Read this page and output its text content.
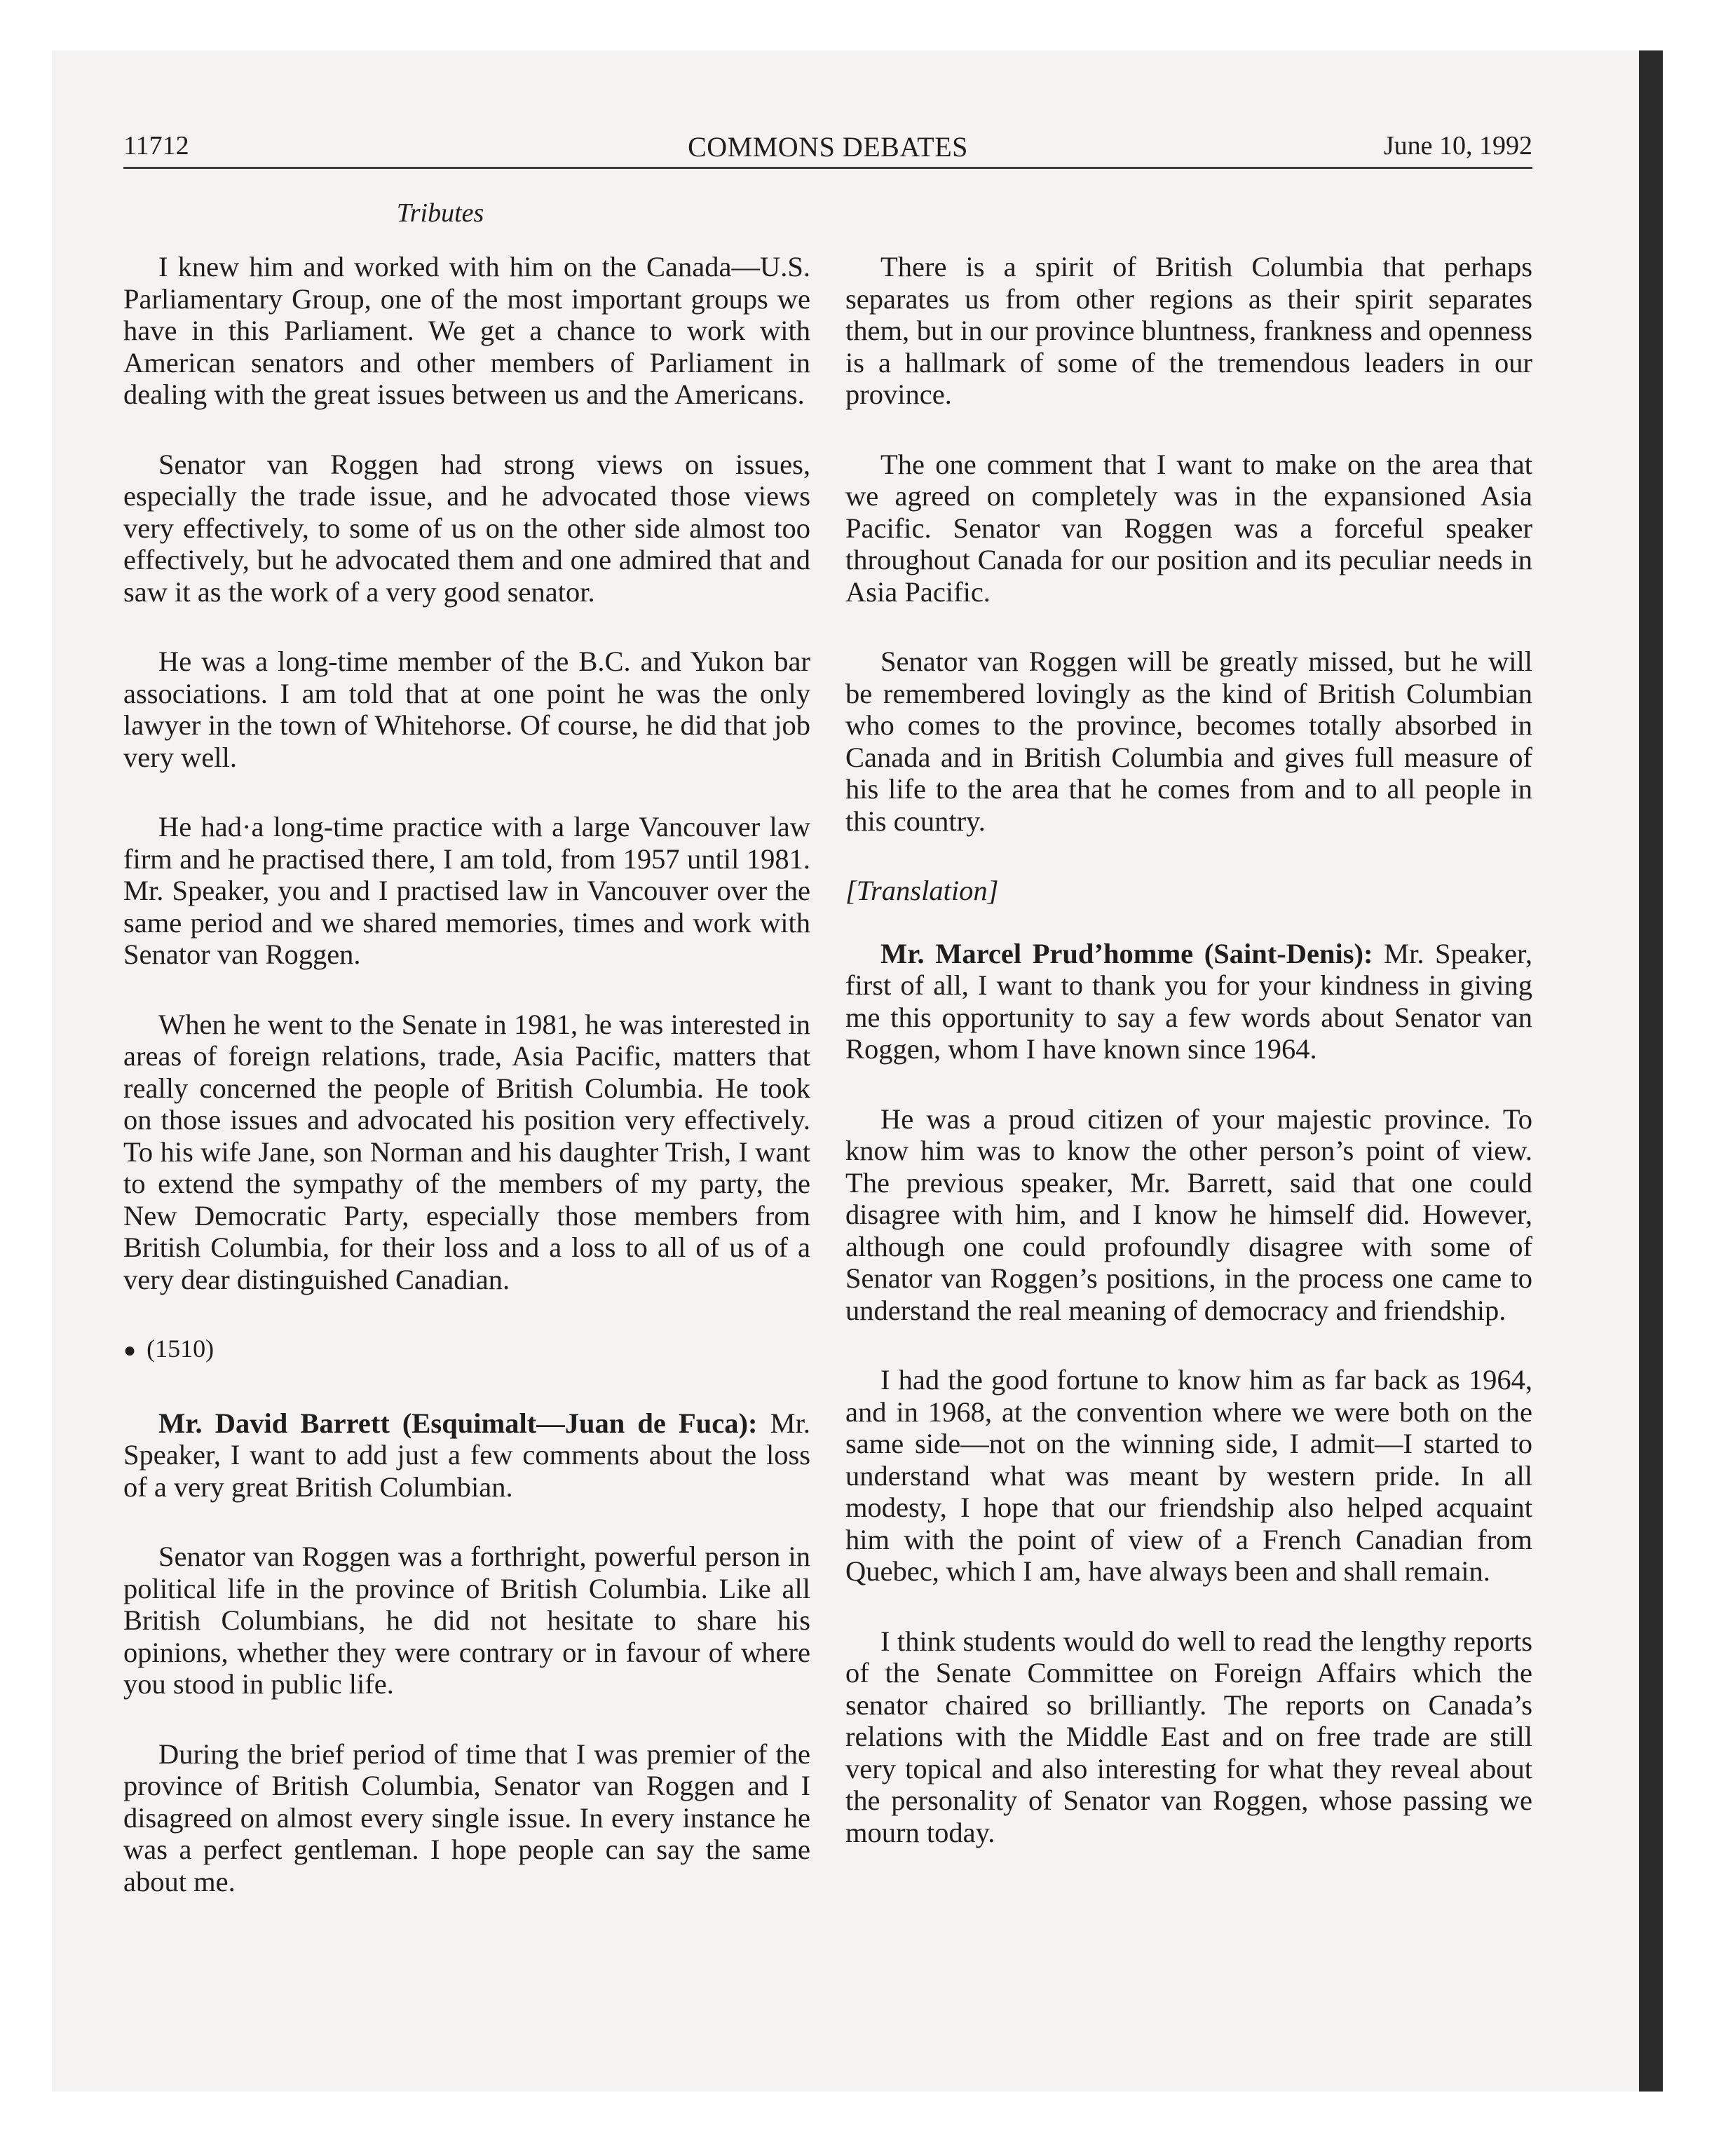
11712	COMMONS DEBATES	June 10, 1992
Tributes

I knew him and worked with him on the Canada—U.S. Parliamentary Group, one of the most important groups we have in this Parliament. We get a chance to work with American senators and other members of Parliament in dealing with the great issues between us and the Americans.

Senator van Roggen had strong views on issues, especially the trade issue, and he advocated those views very effectively, to some of us on the other side almost too effectively, but he advocated them and one admired that and saw it as the work of a very good senator.

He was a long-time member of the B.C. and Yukon bar associations. I am told that at one point he was the only lawyer in the town of Whitehorse. Of course, he did that job very well.

He had·a long-time practice with a large Vancouver law firm and he practised there, I am told, from 1957 until 1981. Mr. Speaker, you and I practised law in Vancouver over the same period and we shared memories, times and work with Senator van Roggen.

When he went to the Senate in 1981, he was interested in areas of foreign relations, trade, Asia Pacific, matters that really concerned the people of British Columbia. He took on those issues and advocated his position very effectively. To his wife Jane, son Norman and his daughter Trish, I want to extend the sympathy of the members of my party, the New Democratic Party, especially those members from British Columbia, for their loss and a loss to all of us of a very dear distinguished Canadian.

● (1510)

Mr. David Barrett (Esquimalt—Juan de Fuca): Mr. Speaker, I want to add just a few comments about the loss of a very great British Columbian.

Senator van Roggen was a forthright, powerful person in political life in the province of British Columbia. Like all British Columbians, he did not hesitate to share his opinions, whether they were contrary or in favour of where you stood in public life.

During the brief period of time that I was premier of the province of British Columbia, Senator van Roggen and I disagreed on almost every single issue. In every instance he was a perfect gentleman. I hope people can say the same about me.

There is a spirit of British Columbia that perhaps separates us from other regions as their spirit separates them, but in our province bluntness, frankness and openness is a hallmark of some of the tremendous leaders in our province.

The one comment that I want to make on the area that we agreed on completely was in the expansioned Asia Pacific. Senator van Roggen was a forceful speaker throughout Canada for our position and its peculiar needs in Asia Pacific.

Senator van Roggen will be greatly missed, but he will be remembered lovingly as the kind of British Columbian who comes to the province, becomes totally absorbed in Canada and in British Columbia and gives full measure of his life to the area that he comes from and to all people in this country.

[Translation]

Mr. Marcel Prud’homme (Saint-Denis): Mr. Speaker, first of all, I want to thank you for your kindness in giving me this opportunity to say a few words about Senator van Roggen, whom I have known since 1964.

He was a proud citizen of your majestic province. To know him was to know the other person’s point of view. The previous speaker, Mr. Barrett, said that one could disagree with him, and I know he himself did. However, although one could profoundly disagree with some of Senator van Roggen’s positions, in the process one came to understand the real meaning of democracy and friendship.

I had the good fortune to know him as far back as 1964, and in 1968, at the convention where we were both on the same side—not on the winning side, I admit—I started to understand what was meant by western pride. In all modesty, I hope that our friendship also helped acquaint him with the point of view of a French Canadian from Quebec, which I am, have always been and shall remain.

I think students would do well to read the lengthy reports of the Senate Committee on Foreign Affairs which the senator chaired so brilliantly. The reports on Canada’s relations with the Middle East and on free trade are still very topical and also interesting for what they reveal about the personality of Senator van Roggen, whose passing we mourn today.
